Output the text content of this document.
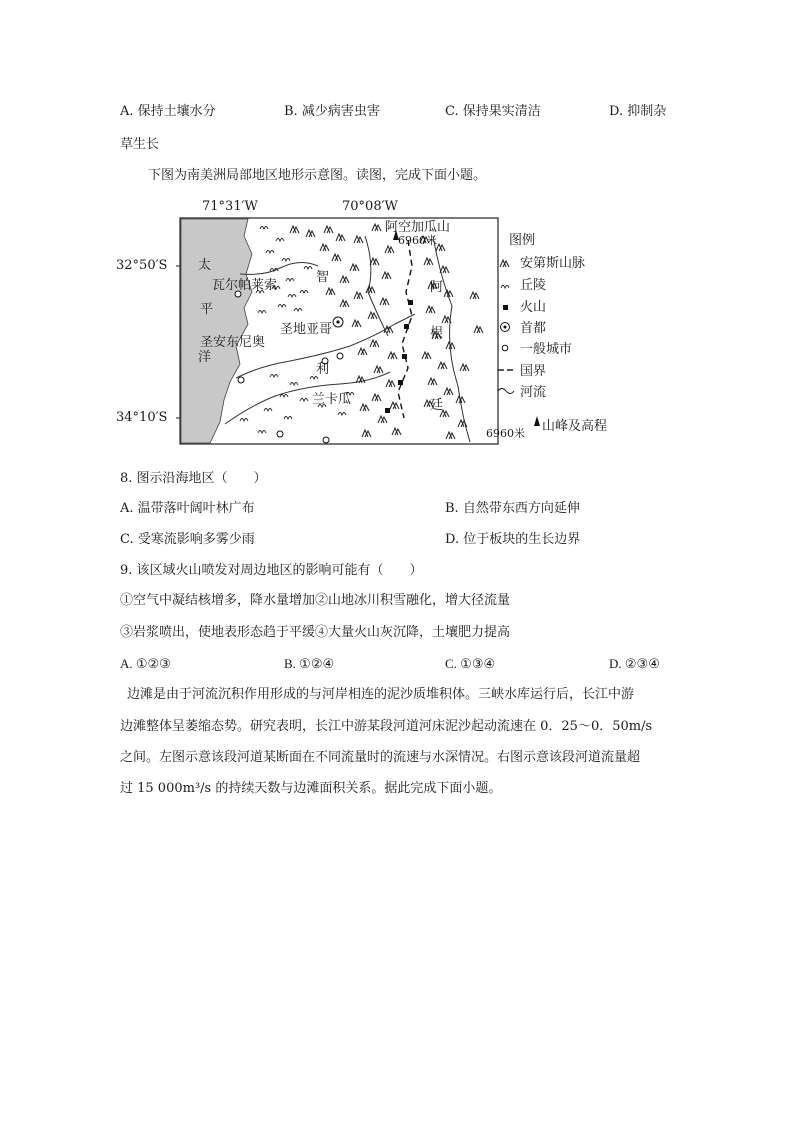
A. 保持土壤水分	B. 减少病害虫害	C. 保持果实清洁	D. 抑制杂
草生长
下图为南美洲局部地区地形示意图。读图，完成下面小题。
71°31′W	70°08′W
32°50′S
34°10′S
太
平
洋
智
利
阿
根
廷
阿空加瓜山
6960米
瓦尔帕莱索
圣地亚哥
圣安东尼奥
兰卡瓜
图例
安第斯山脉
丘陵
火山
首都
一般城市
国界
河流
6960米 山峰及高程
8. 图示沿海地区（　　）
A. 温带落叶阔叶林广布	B. 自然带东西方向延伸
C. 受寒流影响多雾少雨	D. 位于板块的生长边界
9. 该区域火山喷发对周边地区的影响可能有（　　）
①空气中凝结核增多，降水量增加②山地冰川积雪融化，增大径流量
③岩浆喷出，使地表形态趋于平缓④大量火山灰沉降，土壤肥力提高
A. ①②③	B. ①②④	C. ①③④	D. ②③④
边滩是由于河流沉积作用形成的与河岸相连的泥沙质堆积体。三峡水库运行后，长江中游
边滩整体呈萎缩态势。研究表明，长江中游某段河道河床泥沙起动流速在 0．25～0．50m/s
之间。左图示意该段河道某断面在不同流量时的流速与水深情况。右图示意该段河道流量超
过 15 000m³/s 的持续天数与边滩面积关系。据此完成下面小题。
